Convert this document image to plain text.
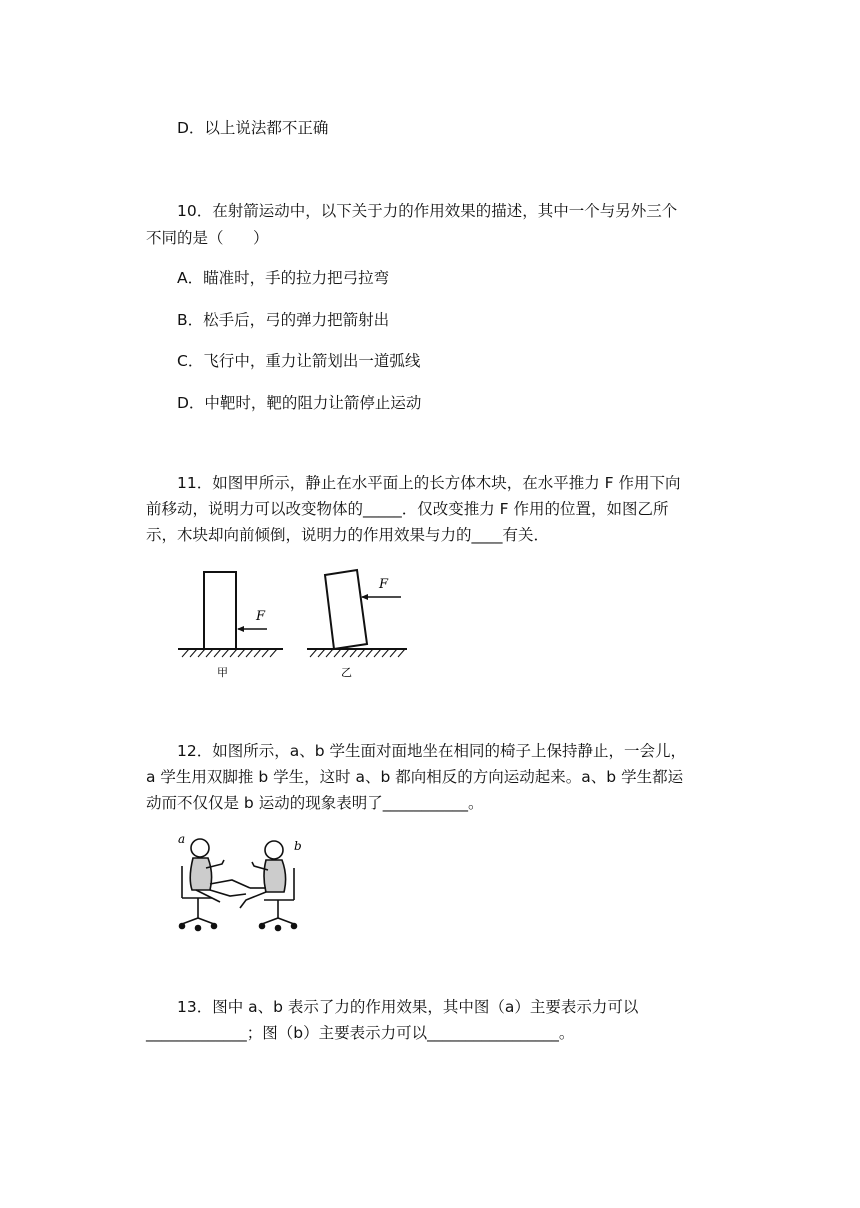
D．以上说法都不正确
10．在射箭运动中，以下关于力的作用效果的描述，其中一个与另外三个
不同的是（      ）
A．瞄准时，手的拉力把弓拉弯
B．松手后，弓的弹力把箭射出
C．飞行中，重力让箭划出一道弧线
D．中靶时，靶的阻力让箭停止运动
11．如图甲所示，静止在水平面上的长方体木块，在水平推力 F 作用下向
前移动，说明力可以改变物体的_____．仅改变推力 F 作用的位置，如图乙所
示，木块却向前倾倒，说明力的作用效果与力的____有关．
F
甲
F
乙
12．如图所示，a、b 学生面对面地坐在相同的椅子上保持静止，一会儿，
a 学生用双脚推 b 学生，这时 a、b 都向相反的方向运动起来。a、b 学生都运
动而不仅仅是 b 运动的现象表明了___________。
a	b
13．图中 a、b 表示了力的作用效果，其中图（a）主要表示力可以
_____________；图（b）主要表示力可以_________________。
